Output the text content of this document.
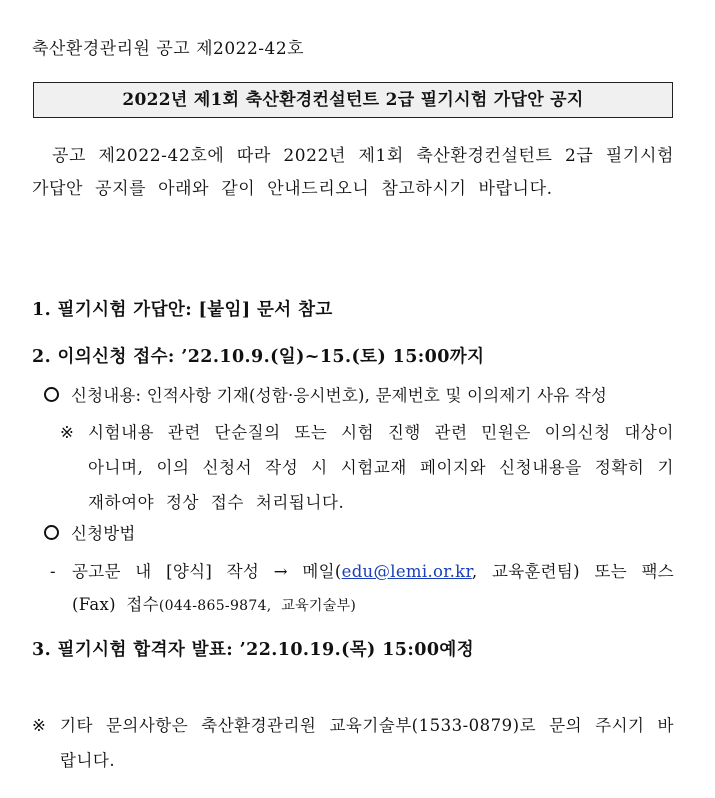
축산환경관리원 공고 제2022-42호
2022년 제1회 축산환경컨설턴트 2급 필기시험 가답안 공지
공고 제2022-42호에 따라 2022년 제1회 축산환경컨설턴트 2급 필기시험 가답안 공지를 아래와 같이 안내드리오니 참고하시기 바랍니다.
1. 필기시험 가답안: [붙임] 문서 참고
2. 이의신청 접수: ’22.10.9.(일)~15.(토) 15:00까지
신청내용: 인적사항 기재(성함·응시번호), 문제번호 및 이의제기 사유 작성
※ 시험내용 관련 단순질의 또는 시험 진행 관련 민원은 이의신청 대상이 아니며, 이의 신청서 작성 시 시험교재 페이지와 신청내용을 정확히 기재하여야 정상 접수 처리됩니다.
신청방법
- 공고문 내 [양식] 작성 → 메일(edu@lemi.or.kr, 교육훈련팀) 또는 팩스(Fax) 접수(044-865-9874, 교육기술부)
3. 필기시험 합격자 발표: ’22.10.19.(목) 15:00예정
※ 기타 문의사항은 축산환경관리원 교육기술부(1533-0879)로 문의 주시기 바랍니다.
